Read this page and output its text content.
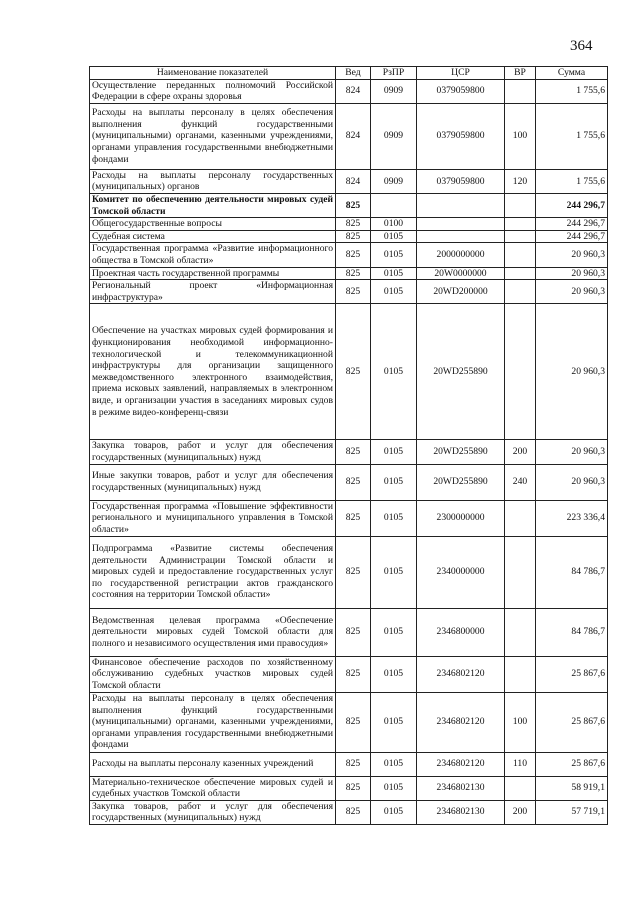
364
Наименование показателей	Вед	РзПР	ЦСР	ВР	Сумма
Осуществление переданных полномочий Российской Федерации в сфере охраны здоровья	824	0909	0379059800		1 755,6
Расходы на выплаты персоналу в целях обеспечения выполнения функций государственными (муниципальными) органами, казенными учреждениями, органами управления государственными внебюджетными фондами	824	0909	0379059800	100	1 755,6
Расходы на выплаты персоналу государственных (муниципальных) органов	824	0909	0379059800	120	1 755,6
Комитет по обеспечению деятельности мировых судей Томской области	825				244 296,7
Общегосударственные вопросы	825	0100			244 296,7
Судебная система	825	0105			244 296,7
Государственная программа «Развитие информационного общества в Томской области»	825	0105	2000000000		20 960,3
Проектная часть государственной программы	825	0105	20W0000000		20 960,3
Региональный проект «Информационная инфраструктура»	825	0105	20WD200000		20 960,3
Обеспечение на участках мировых судей формирования и функционирования необходимой информационно-технологической и телекоммуникационной инфраструктуры для организации защищенного межведомственного электронного взаимодействия, приема исковых заявлений, направляемых в электронном виде, и организации участия в заседаниях мировых судов в режиме видео-конференц-связи	825	0105	20WD255890		20 960,3
Закупка товаров, работ и услуг для обеспечения государственных (муниципальных) нужд	825	0105	20WD255890	200	20 960,3
Иные закупки товаров, работ и услуг для обеспечения государственных (муниципальных) нужд	825	0105	20WD255890	240	20 960,3
Государственная программа «Повышение эффективности регионального и муниципального управления в Томской области»	825	0105	2300000000		223 336,4
Подпрограмма «Развитие системы обеспечения деятельности Администрации Томской области и мировых судей и предоставление государственных услуг по государственной регистрации актов гражданского состояния на территории Томской области»	825	0105	2340000000		84 786,7
Ведомственная целевая программа «Обеспечение деятельности мировых судей Томской области для полного и независимого осуществления ими правосудия»	825	0105	2346800000		84 786,7
Финансовое обеспечение расходов по хозяйственному обслуживанию судебных участков мировых судей Томской области	825	0105	2346802120		25 867,6
Расходы на выплаты персоналу в целях обеспечения выполнения функций государственными (муниципальными) органами, казенными учреждениями, органами управления государственными внебюджетными фондами	825	0105	2346802120	100	25 867,6
Расходы на выплаты персоналу казенных учреждений	825	0105	2346802120	110	25 867,6
Материально-техническое обеспечение мировых судей и судебных участков Томской области	825	0105	2346802130		58 919,1
Закупка товаров, работ и услуг для обеспечения государственных (муниципальных) нужд	825	0105	2346802130	200	57 719,1
